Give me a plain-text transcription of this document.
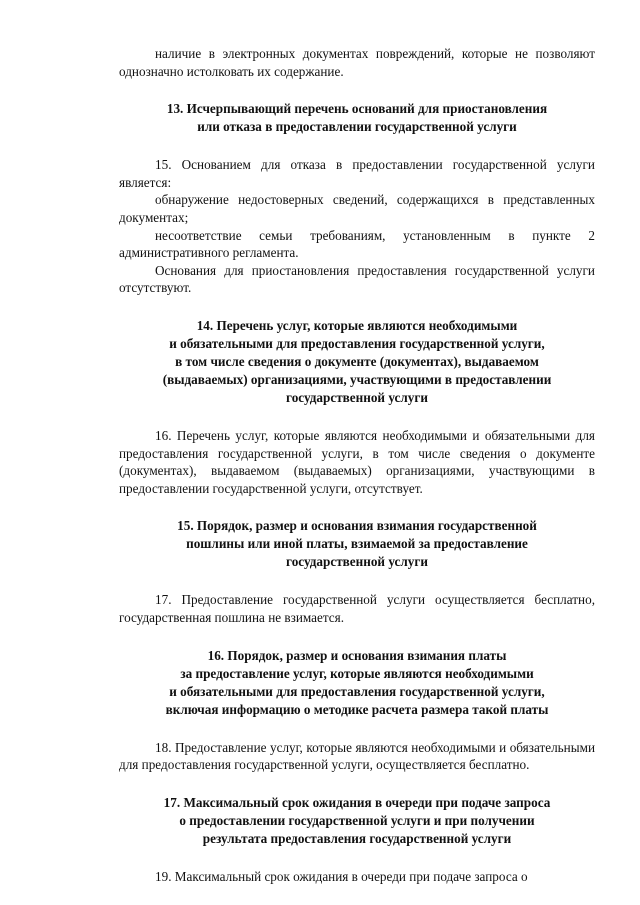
наличие в электронных документах повреждений, которые не позволяют однозначно истолковать их содержание.

13. Исчерпывающий перечень оснований для приостановления
или отказа в предоставлении государственной услуги

15. Основанием для отказа в предоставлении государственной услуги является:

обнаружение недостоверных сведений, содержащихся в представленных документах;

несоответствие семьи требованиям, установленным в пункте 2 административного регламента.

Основания для приостановления предоставления государственной услуги отсутствуют.

14. Перечень услуг, которые являются необходимыми
и обязательными для предоставления государственной услуги,
в том числе сведения о документе (документах), выдаваемом
(выдаваемых) организациями, участвующими в предоставлении
государственной услуги

16. Перечень услуг, которые являются необходимыми и обязательными для предоставления государственной услуги, в том числе сведения о документе (документах), выдаваемом (выдаваемых) организациями, участвующими в предоставлении государственной услуги, отсутствует.

15. Порядок, размер и основания взимания государственной
пошлины или иной платы, взимаемой за предоставление
государственной услуги

17. Предоставление государственной услуги осуществляется бесплатно, государственная пошлина не взимается.

16. Порядок, размер и основания взимания платы
за предоставление услуг, которые являются необходимыми
и обязательными для предоставления государственной услуги,
включая информацию о методике расчета размера такой платы

18. Предоставление услуг, которые являются необходимыми и обязательными для предоставления государственной услуги, осуществляется бесплатно.

17. Максимальный срок ожидания в очереди при подаче запроса
о предоставлении государственной услуги и при получении
результата предоставления государственной услуги

19. Максимальный срок ожидания в очереди при подаче запроса о
